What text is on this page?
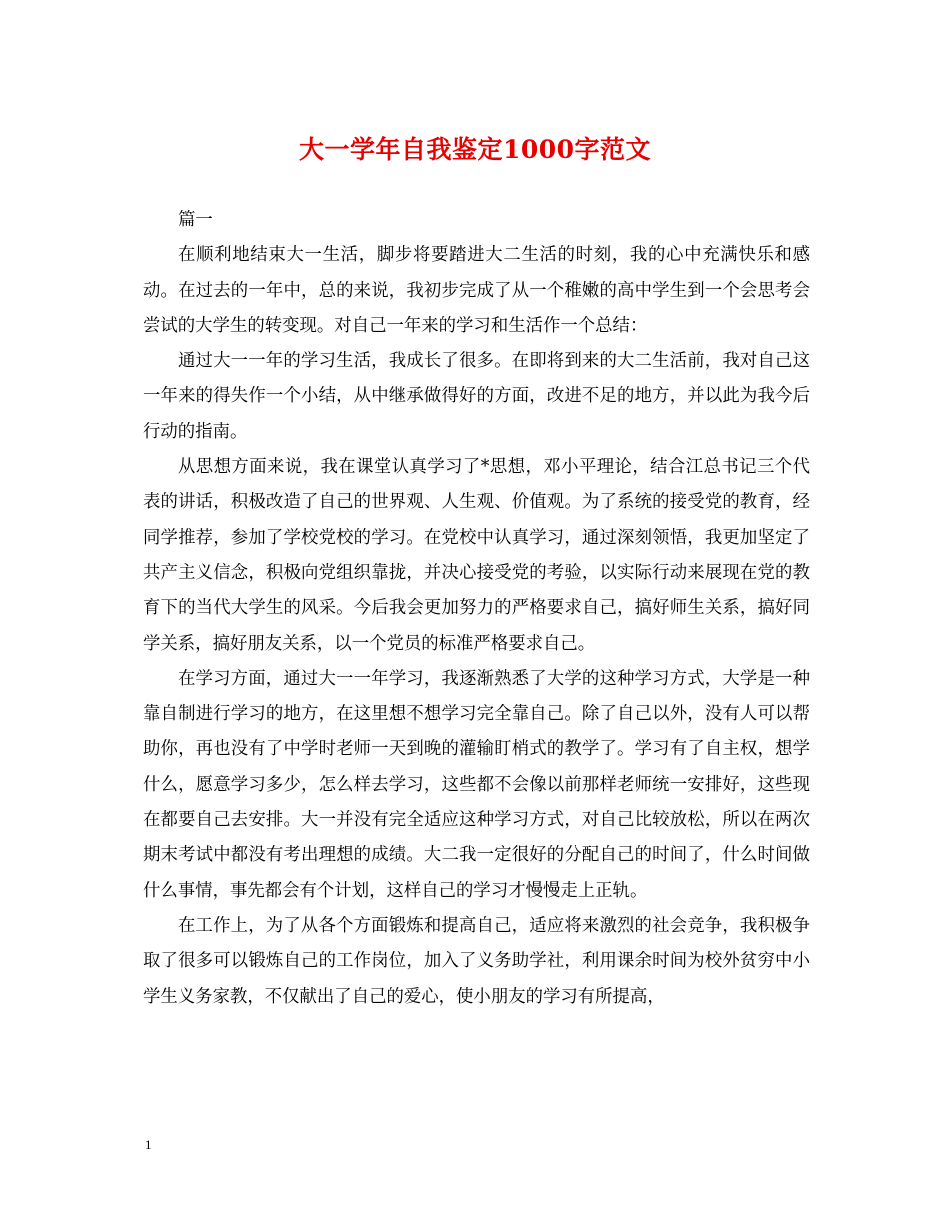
大一学年自我鉴定1000字范文

篇一

在顺利地结束大一生活，脚步将要踏进大二生活的时刻，我的心中充满快乐和感动。在过去的一年中，总的来说，我初步完成了从一个稚嫩的高中学生到一个会思考会尝试的大学生的转变现。对自己一年来的学习和生活作一个总结：

通过大一一年的学习生活，我成长了很多。在即将到来的大二生活前，我对自己这一年来的得失作一个小结，从中继承做得好的方面，改进不足的地方，并以此为我今后行动的指南。

从思想方面来说，我在课堂认真学习了*思想，邓小平理论，结合江总书记三个代表的讲话，积极改造了自己的世界观、人生观、价值观。为了系统的接受党的教育，经同学推荐，参加了学校党校的学习。在党校中认真学习，通过深刻领悟，我更加坚定了共产主义信念，积极向党组织靠拢，并决心接受党的考验，以实际行动来展现在党的教育下的当代大学生的风采。今后我会更加努力的严格要求自己，搞好师生关系，搞好同学关系，搞好朋友关系，以一个党员的标准严格要求自己。

在学习方面，通过大一一年学习，我逐渐熟悉了大学的这种学习方式，大学是一种靠自制进行学习的地方，在这里想不想学习完全靠自己。除了自己以外，没有人可以帮助你，再也没有了中学时老师一天到晚的灌输盯梢式的教学了。学习有了自主权，想学什么，愿意学习多少，怎么样去学习，这些都不会像以前那样老师统一安排好，这些现在都要自己去安排。大一并没有完全适应这种学习方式，对自己比较放松，所以在两次期末考试中都没有考出理想的成绩。大二我一定很好的分配自己的时间了，什么时间做什么事情，事先都会有个计划，这样自己的学习才慢慢走上正轨。

在工作上，为了从各个方面锻炼和提高自己，适应将来激烈的社会竞争，我积极争取了很多可以锻炼自己的工作岗位，加入了义务助学社，利用课余时间为校外贫穷中小学生义务家教，不仅献出了自己的爱心，使小朋友的学习有所提高，

1
